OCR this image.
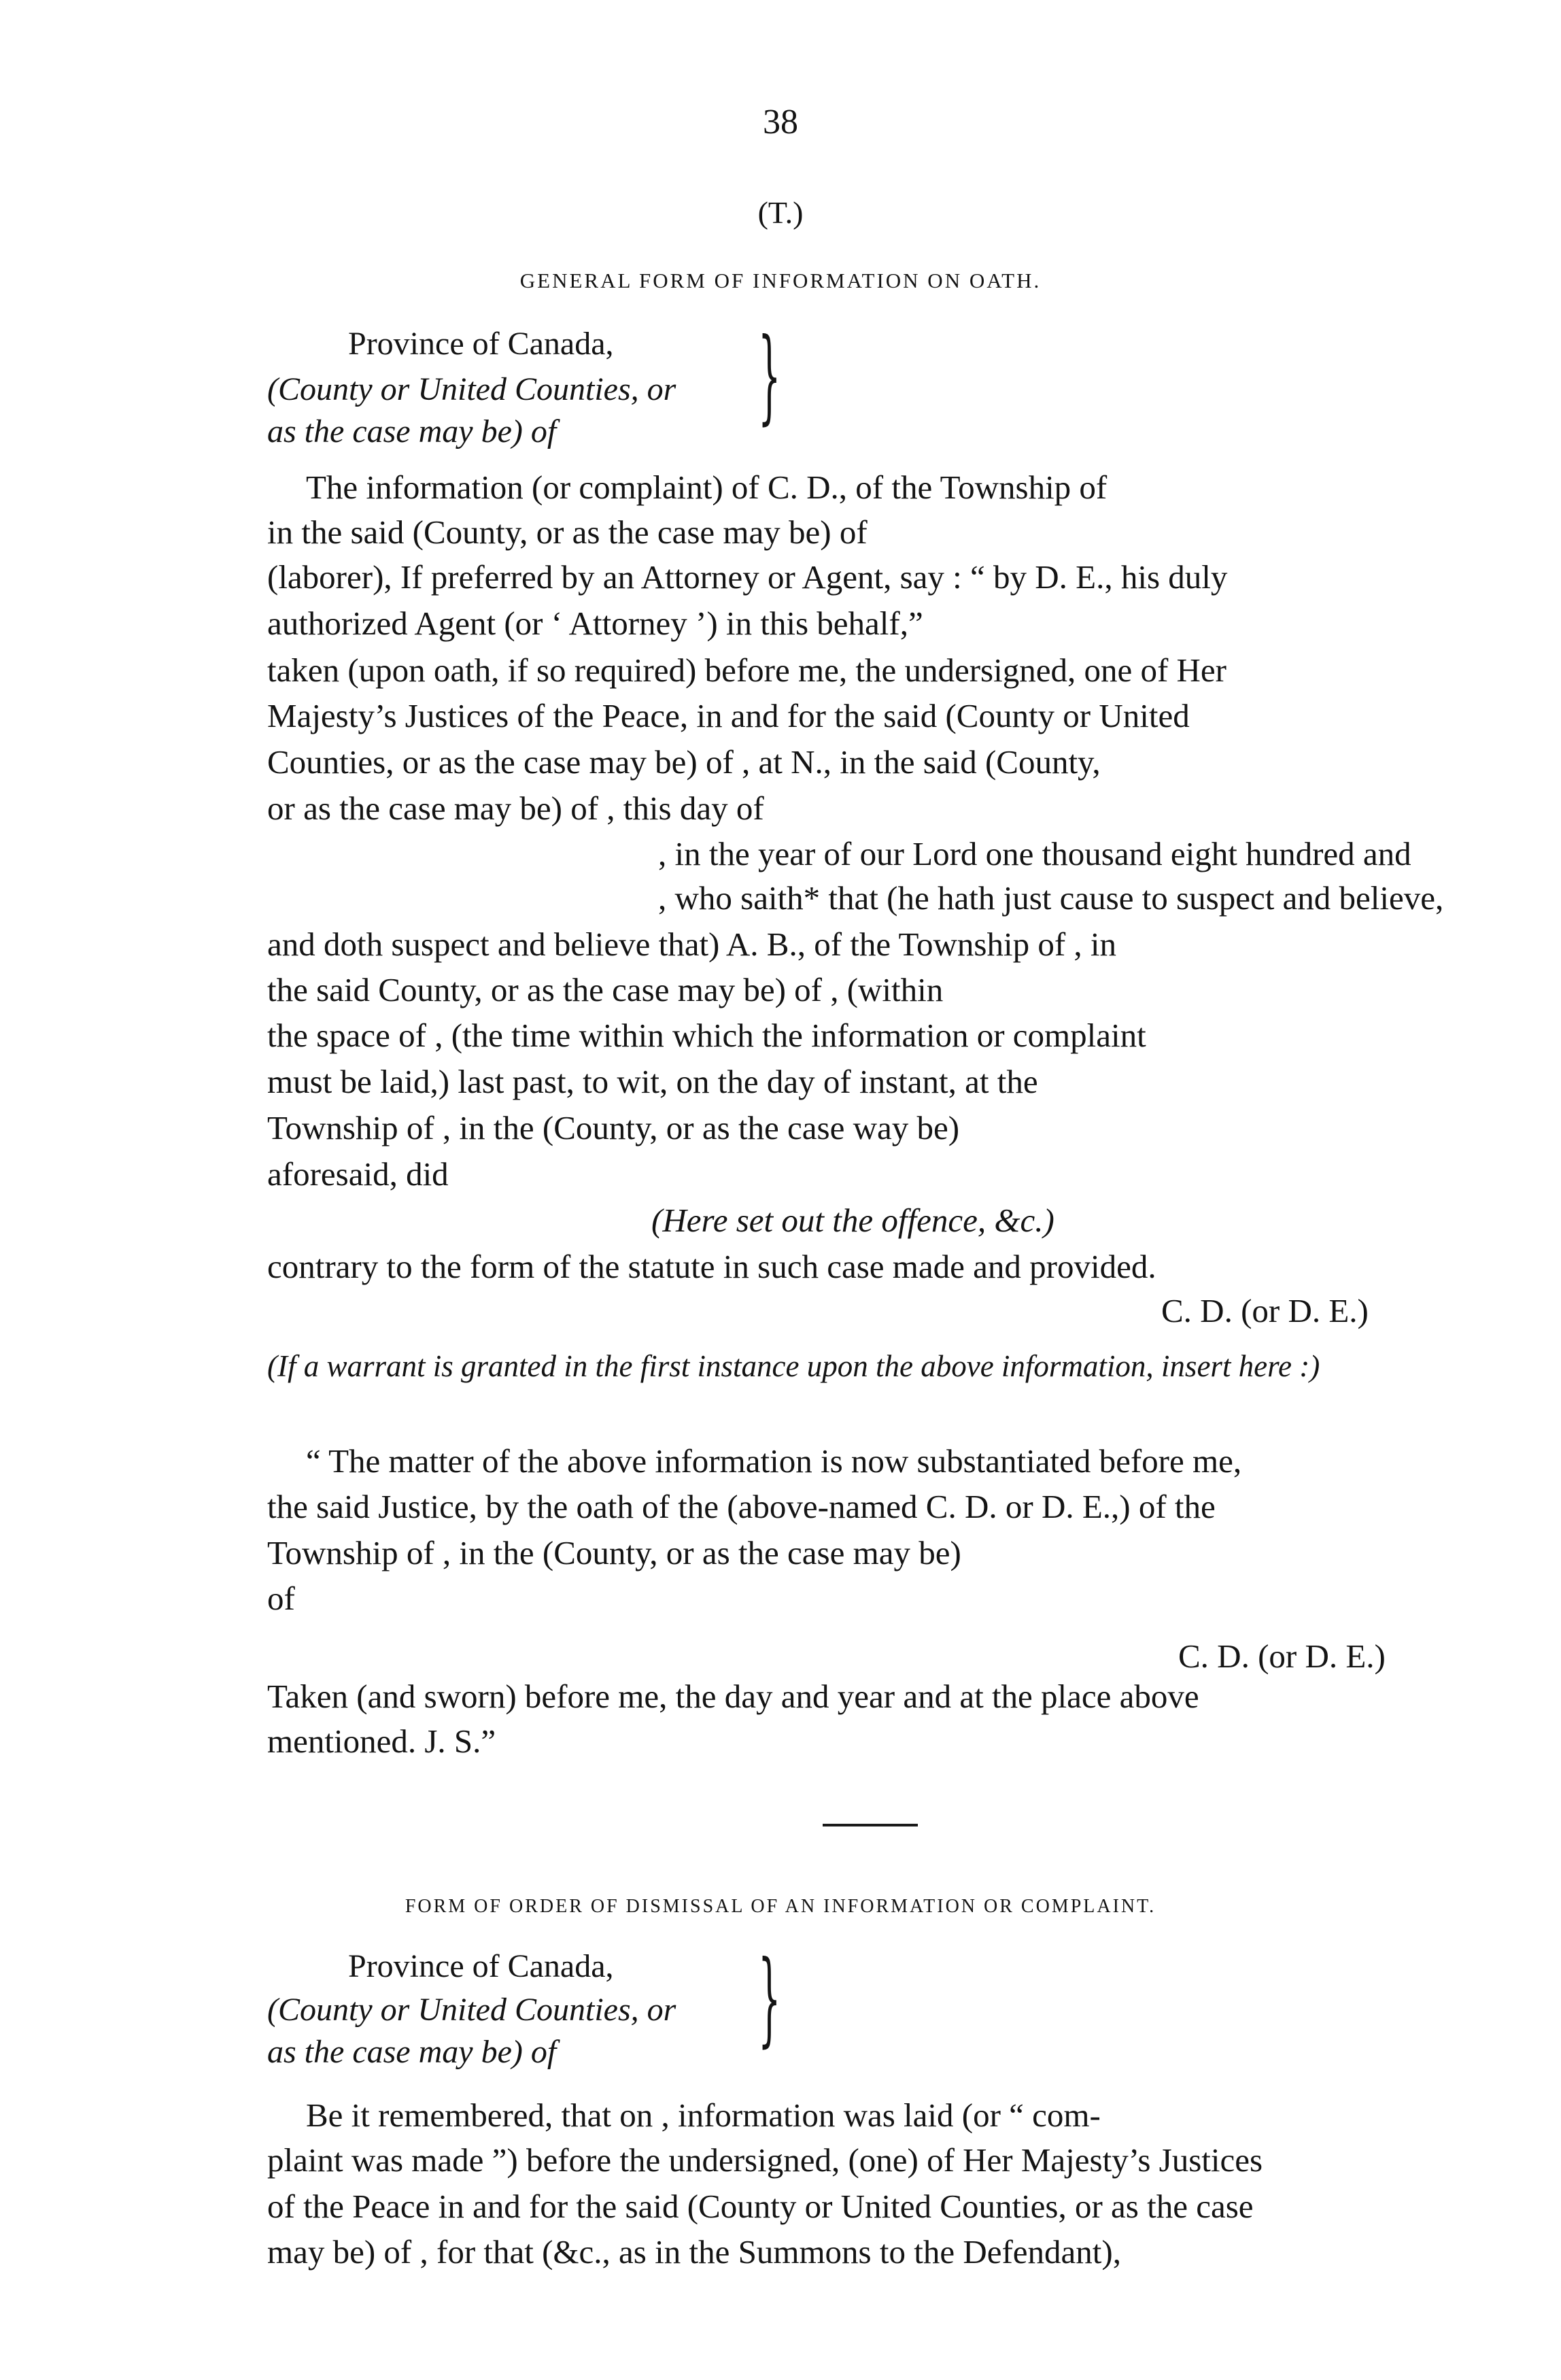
38
(T.)
GENERAL FORM OF INFORMATION ON OATH.
Province of Canada,
(County or United Counties, or
as the case may be) of }
The information (or complaint) of C. D., of the Township of
in the said (County, or as the case may be) of
(laborer), If preferred by an Attorney or Agent, say : “ by D. E., his duly
authorized Agent (or ‘ Attorney ’) in this behalf,”
taken (upon oath, if so required) before me, the undersigned, one of Her
Majesty’s Justices of the Peace, in and for the said (County or United
Counties, or as the case may be) of , at N., in the said (County,
or as the case may be) of , this day of
, in the year of our Lord one thousand eight hundred and
, who saith* that (he hath just cause to suspect and believe,
and doth suspect and believe that) A. B., of the Township of , in
the said County, or as the case may be) of , (within
the space of , (the time within which the information or complaint
must be laid,) last past, to wit, on the day of instant, at the
Township of , in the (County, or as the case way be)
aforesaid, did
(Here set out the offence, &c.)
contrary to the form of the statute in such case made and provided.
C. D. (or D. E.)
(If a warrant is granted in the first instance upon the above information, insert here :)
“ The matter of the above information is now substantiated before me,
the said Justice, by the oath of the (above-named C. D. or D. E.,) of the
Township of , in the (County, or as the case may be)
of
C. D. (or D. E.)
Taken (and sworn) before me, the day and year and at the place above
mentioned. J. S.”
FORM OF ORDER OF DISMISSAL OF AN INFORMATION OR COMPLAINT.
Province of Canada,
(County or United Counties, or
as the case may be) of }
Be it remembered, that on , information was laid (or “ com-
plaint was made ”) before the undersigned, (one) of Her Majesty’s Justices
of the Peace in and for the said (County or United Counties, or as the case
may be) of , for that (&c., as in the Summons to the Defendant),
